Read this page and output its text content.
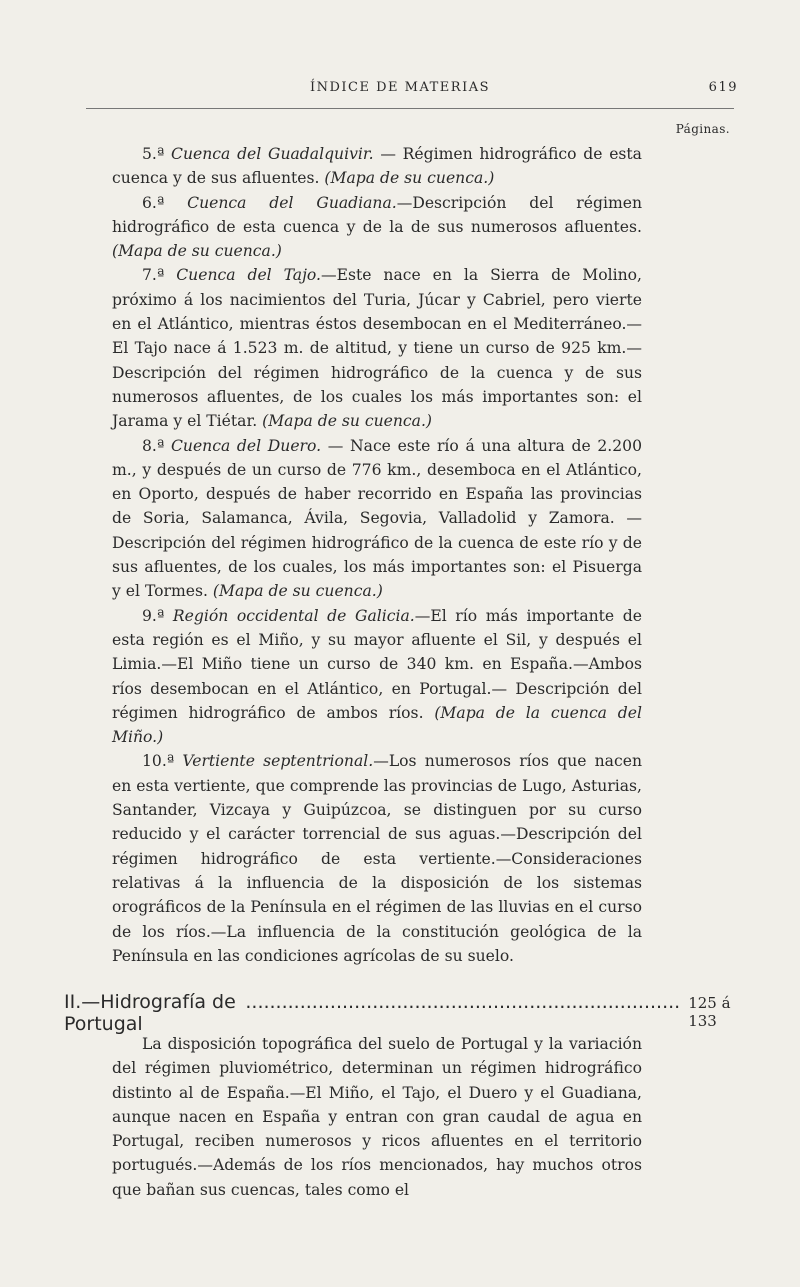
ÍNDICE DE MATERIAS	619
Páginas.

5.ª Cuenca del Guadalquivir. — Régimen hidrográfico de esta cuenca y de sus afluentes. (Mapa de su cuenca.)

6.ª Cuenca del Guadiana.—Descripción del régimen hidrográfico de esta cuenca y de la de sus numerosos afluentes. (Mapa de su cuenca.)

7.ª Cuenca del Tajo.—Este nace en la Sierra de Molino, próximo á los nacimientos del Turia, Júcar y Cabriel, pero vierte en el Atlántico, mientras éstos desembocan en el Mediterráneo.—El Tajo nace á 1.523 m. de altitud, y tiene un curso de 925 km.— Descripción del régimen hidrográfico de la cuenca y de sus numerosos afluentes, de los cuales los más importantes son: el Jarama y el Tiétar. (Mapa de su cuenca.)

8.ª Cuenca del Duero. — Nace este río á una altura de 2.200 m., y después de un curso de 776 km., desemboca en el Atlántico, en Oporto, después de haber recorrido en España las provincias de Soria, Salamanca, Ávila, Segovia, Valladolid y Zamora. — Descripción del régimen hidrográfico de la cuenca de este río y de sus afluentes, de los cuales, los más importantes son: el Pisuerga y el Tormes. (Mapa de su cuenca.)

9.ª Región occidental de Galicia.—El río más importante de esta región es el Miño, y su mayor afluente el Sil, y después el Limia.—El Miño tiene un curso de 340 km. en España.—Ambos ríos desembocan en el Atlántico, en Portugal.— Descripción del régimen hidrográfico de ambos ríos. (Mapa de la cuenca del Miño.)

10.ª Vertiente septentrional.—Los numerosos ríos que nacen en esta vertiente, que comprende las provincias de Lugo, Asturias, Santander, Vizcaya y Guipúzcoa, se distinguen por su curso reducido y el carácter torrencial de sus aguas.—Descripción del régimen hidrográfico de esta vertiente.—Consideraciones relativas á la influencia de la disposición de los sistemas orográficos de la Península en el régimen de las lluvias en el curso de los ríos.—La influencia de la constitución geológica de la Península en las condiciones agrícolas de su suelo.

II.—Hidrografía de Portugal
........................................................................ 125 á 133

La disposición topográfica del suelo de Portugal y la variación del régimen pluviométrico, determinan un régimen hidrográfico distinto al de España.—El Miño, el Tajo, el Duero y el Guadiana, aunque nacen en España y entran con gran caudal de agua en Portugal, reciben numerosos y ricos afluentes en el territorio portugués.—Además de los ríos mencionados, hay muchos otros que bañan sus cuencas, tales como el
